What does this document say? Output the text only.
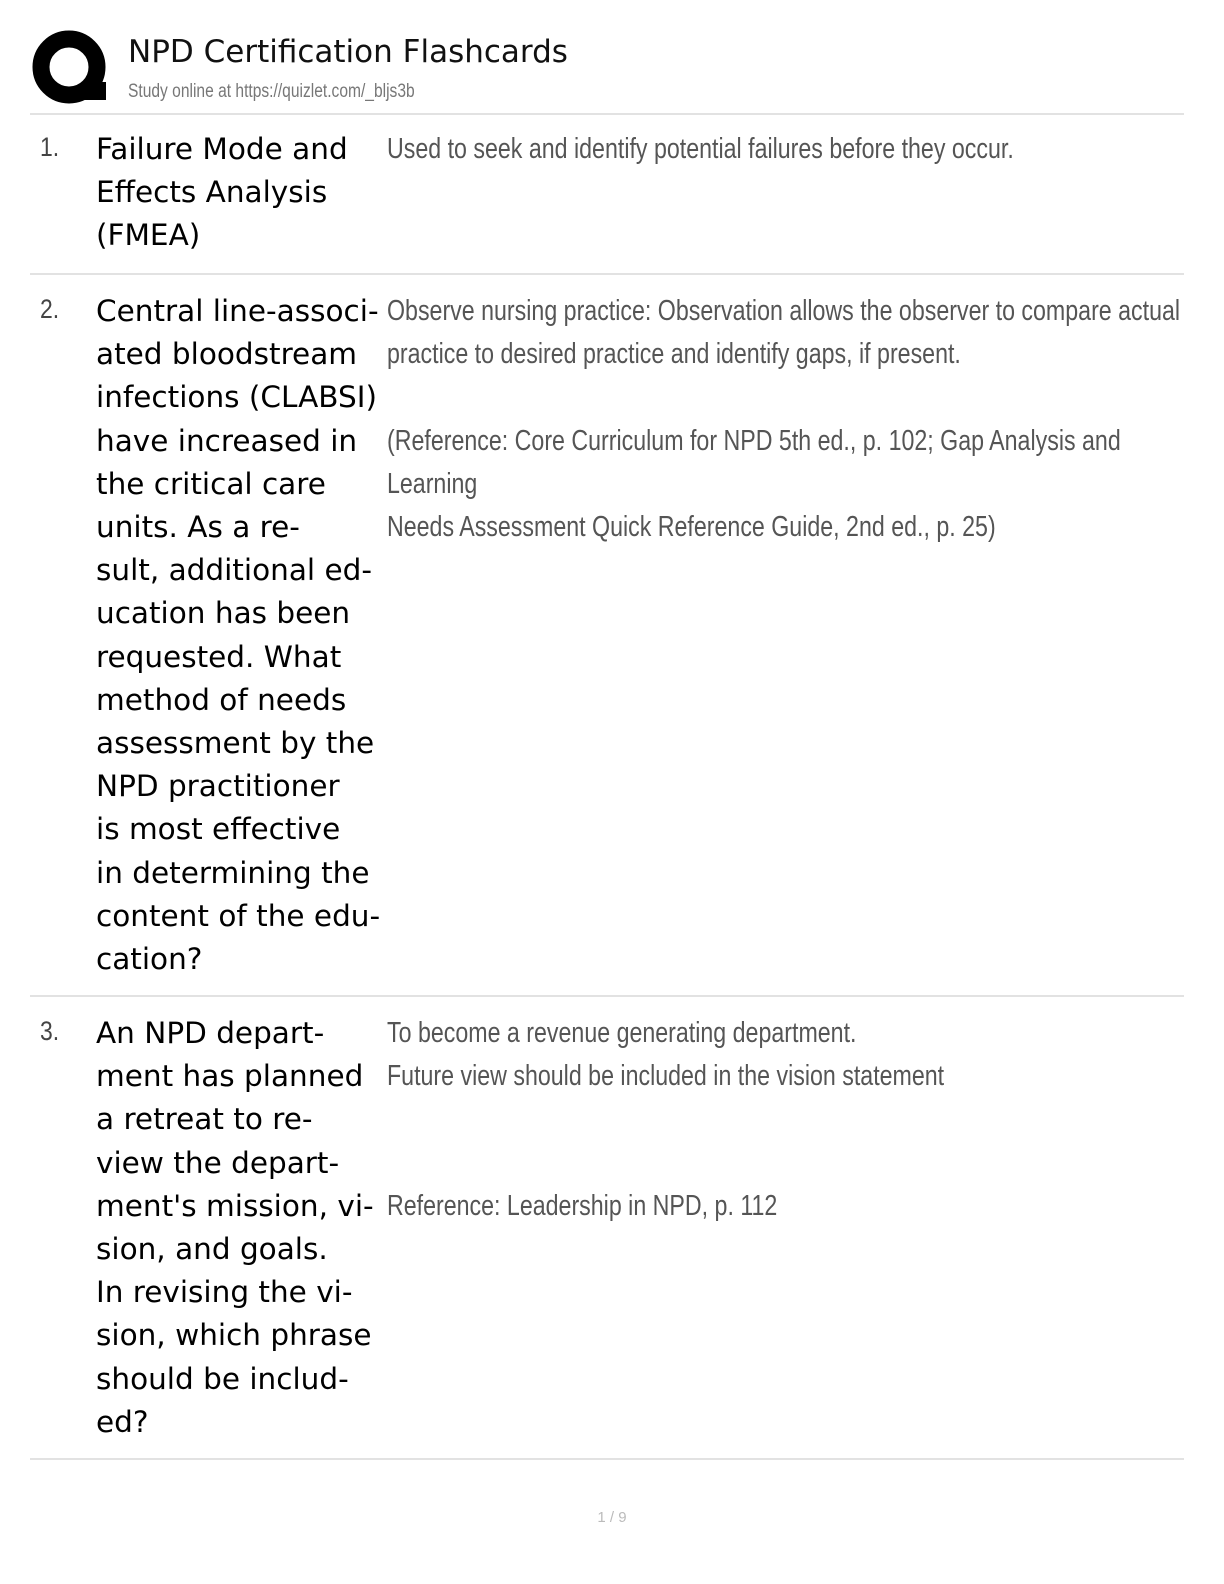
NPD Certification Flashcards
Study online at https://quizlet.com/_bljs3b
1. Failure Mode and
Effects Analysis
(FMEA)
Used to seek and identify potential failures before they occur.
2. Central line-associ-
ated bloodstream
infections (CLABSI)
have increased in
the critical care
units. As a re-
sult, additional ed-
ucation has been
requested. What
method of needs
assessment by the
NPD practitioner
is most effective
in determining the
content of the edu-
cation?
Observe nursing practice: Observation allows the observer to compare actual
practice to desired practice and identify gaps, if present.

(Reference: Core Curriculum for NPD 5th ed., p. 102; Gap Analysis and Learning
Needs Assessment Quick Reference Guide, 2nd ed., p. 25)
3. An NPD depart-
ment has planned
a retreat to re-
view the depart-
ment's mission, vi-
sion, and goals.
In revising the vi-
sion, which phrase
should be includ-
ed?
To become a revenue generating department.
Future view should be included in the vision statement

Reference: Leadership in NPD, p. 112
1 / 9
